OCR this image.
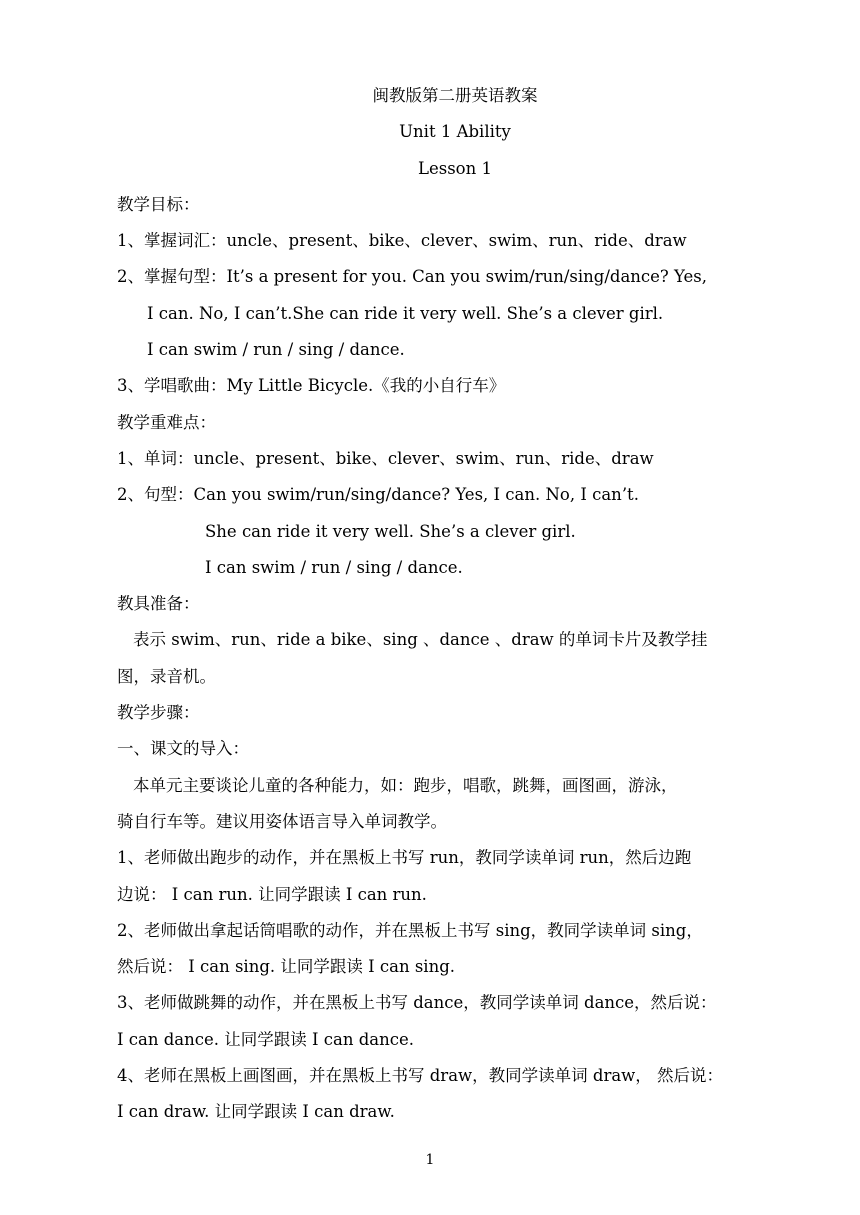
闽教版第二册英语教案
Unit 1 Ability
Lesson 1
教学目标：
1、掌握词汇：uncle、present、bike、clever、swim、run、ride、draw
2、掌握句型：It’s a present for you. Can you swim/run/sing/dance? Yes,
I can. No, I can’t.She can ride it very well. She’s a clever girl.
I can swim / run / sing / dance.
3、学唱歌曲：My Little Bicycle.《我的小自行车》
教学重难点：
1、单词：uncle、present、bike、clever、swim、run、ride、draw
2、句型：Can you swim/run/sing/dance? Yes, I can. No, I can’t.
She can ride it very well. She’s a clever girl.
I can swim / run / sing / dance.
教具准备：
表示 swim、run、ride a bike、sing 、dance 、draw 的单词卡片及教学挂
图，录音机。
教学步骤：
一、课文的导入：
本单元主要谈论儿童的各种能力，如：跑步，唱歌，跳舞，画图画，游泳，
骑自行车等。建议用姿体语言导入单词教学。
1、老师做出跑步的动作，并在黑板上书写 run，教同学读单词 run，然后边跑
边说： I can run. 让同学跟读 I can run.
2、老师做出拿起话筒唱歌的动作，并在黑板上书写 sing，教同学读单词 sing，
然后说： I can sing. 让同学跟读 I can sing.
3、老师做跳舞的动作，并在黑板上书写 dance，教同学读单词 dance，然后说：
I can dance. 让同学跟读 I can dance.
4、老师在黑板上画图画，并在黑板上书写 draw，教同学读单词 draw， 然后说：
I can draw. 让同学跟读 I can draw.
1
